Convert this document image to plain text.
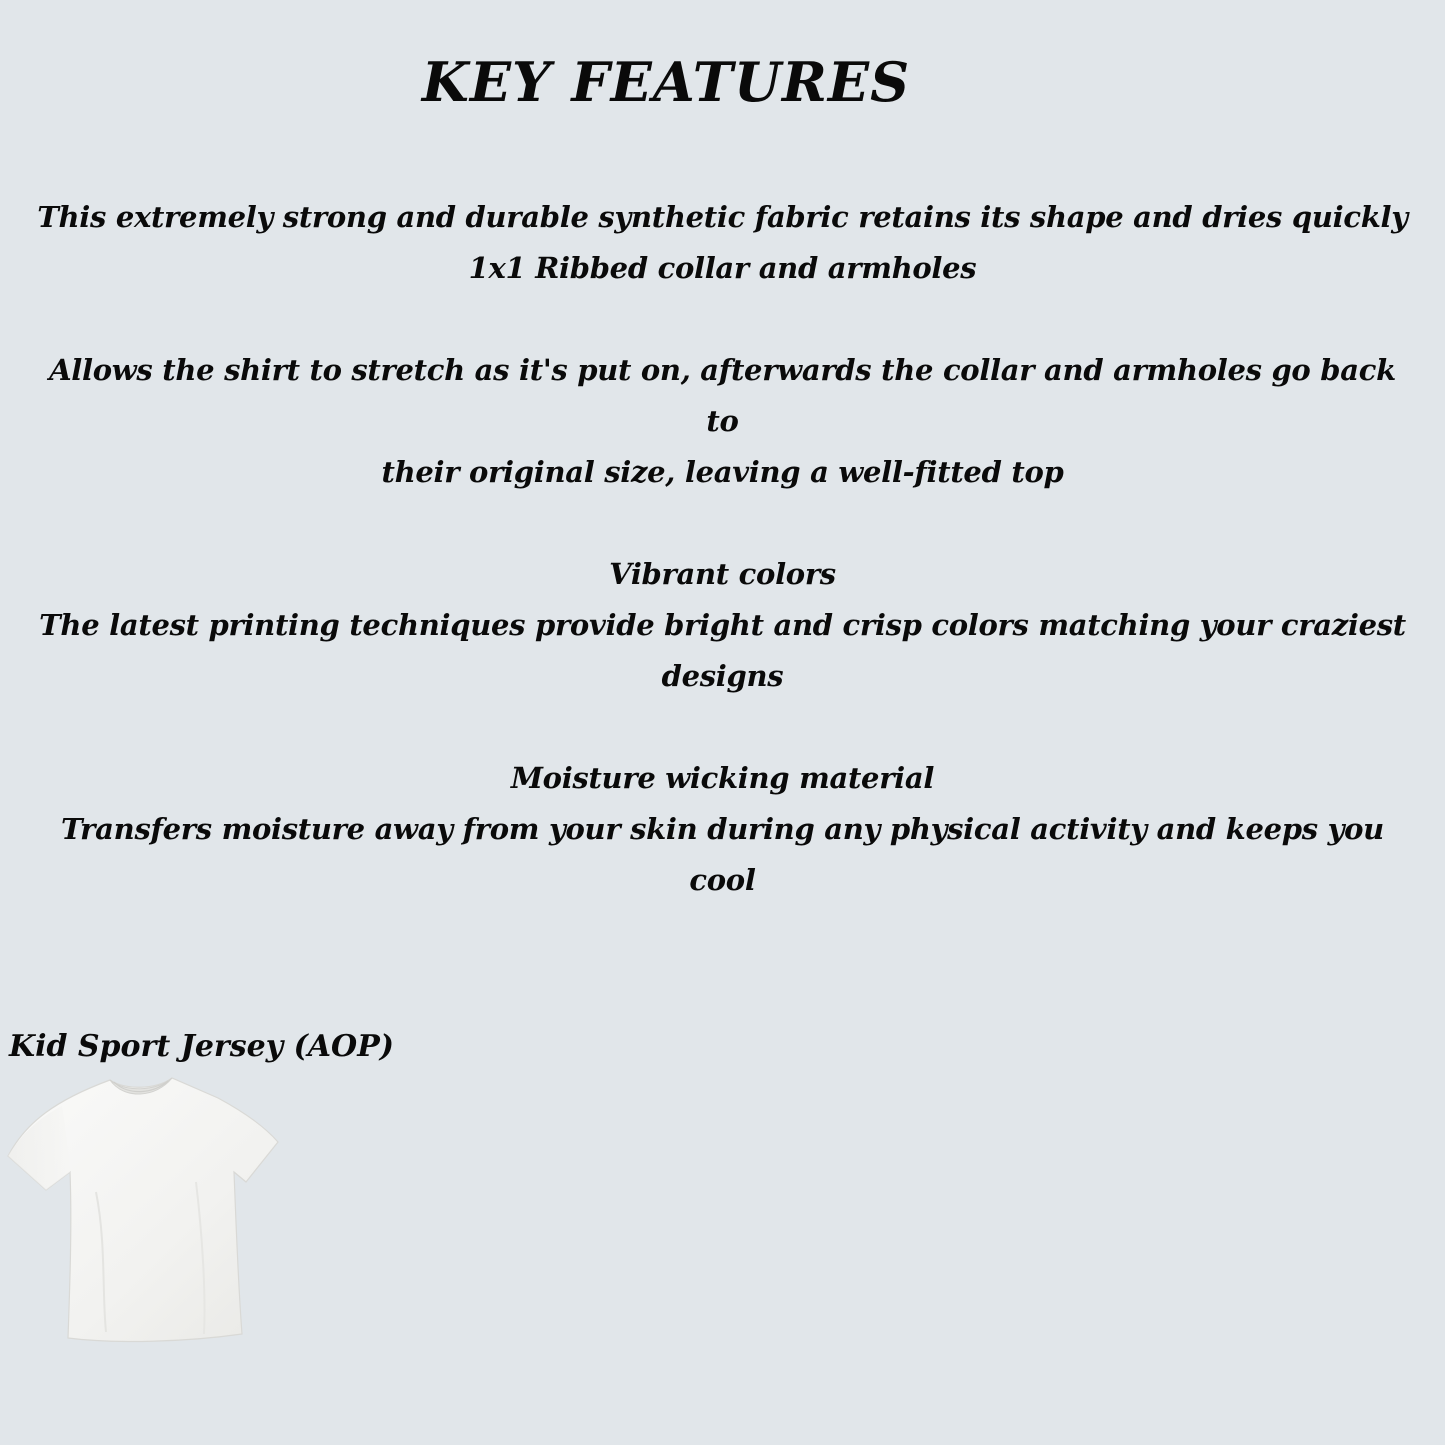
KEY FEATURES
This extremely strong and durable synthetic fabric retains its shape and dries quickly
1x1 Ribbed collar and armholes
Allows the shirt to stretch as it's put on, afterwards the collar and armholes go back to
their original size, leaving a well-fitted top
Vibrant colors
The latest printing techniques provide bright and crisp colors matching your craziest
designs
Moisture wicking material
Transfers moisture away from your skin during any physical activity and keeps you
cool
Kid Sport Jersey (AOP)
